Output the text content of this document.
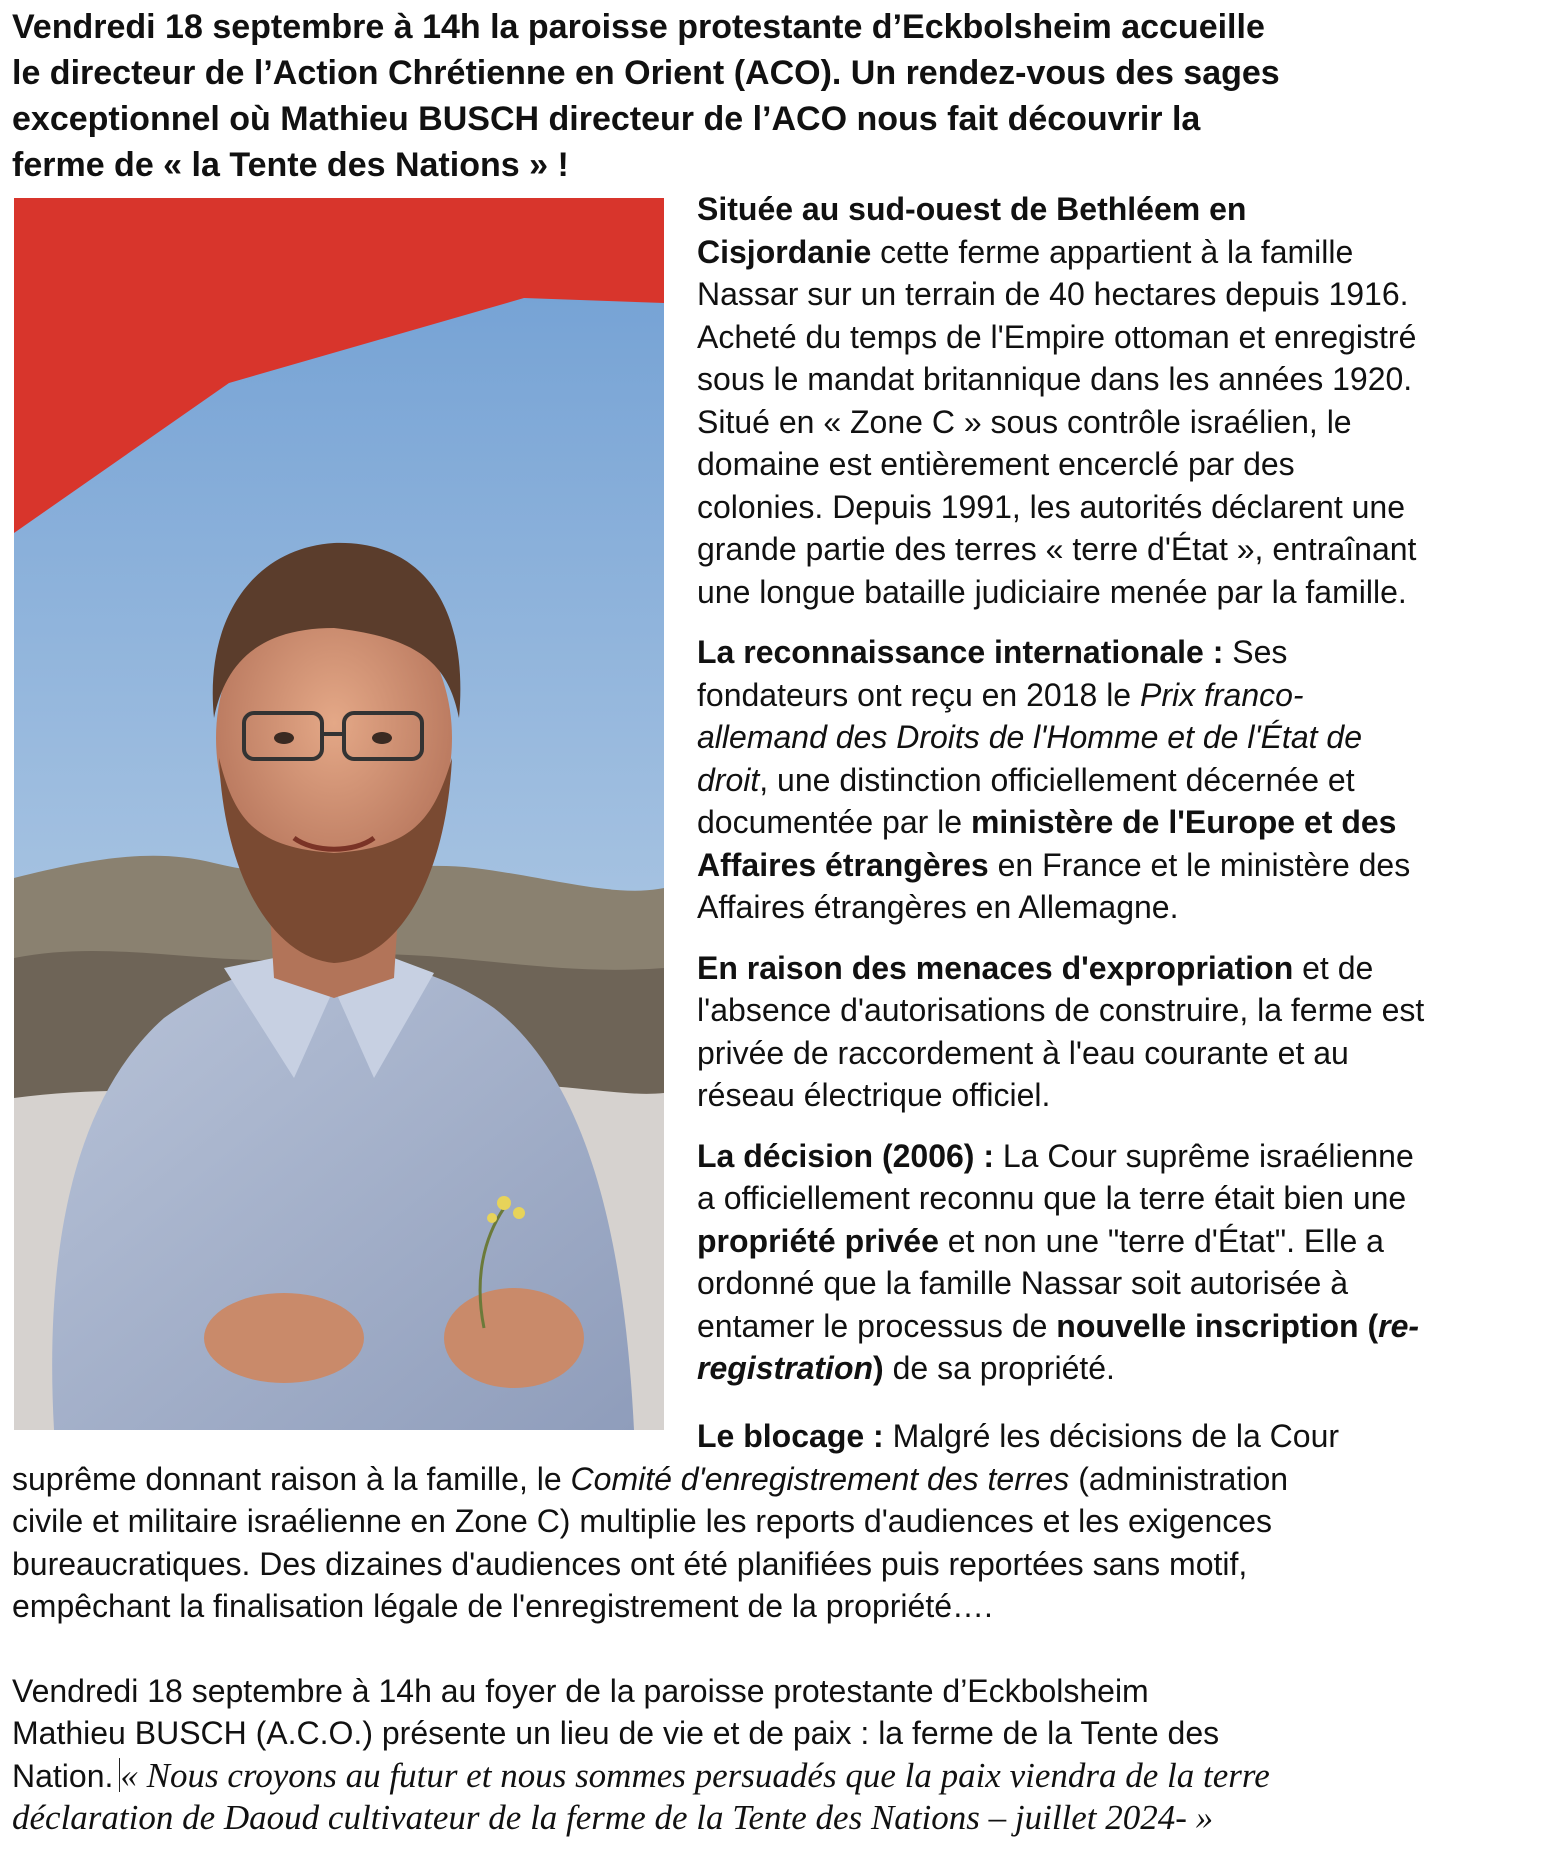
Vendredi 18 septembre à 14h la paroisse protestante d’Eckbolsheim accueille
le directeur de l’Action Chrétienne en Orient (ACO). Un rendez-vous des sages
exceptionnel où Mathieu BUSCH directeur de l’ACO nous fait découvrir la
ferme de « la Tente des Nations » !

Située au sud-ouest de Bethléem en
Cisjordanie cette ferme appartient à la famille
Nassar sur un terrain de 40 hectares depuis 1916.
Acheté du temps de l'Empire ottoman et enregistré
sous le mandat britannique dans les années 1920.
Situé en « Zone C » sous contrôle israélien, le
domaine est entièrement encerclé par des
colonies. Depuis 1991, les autorités déclarent une
grande partie des terres « terre d'État », entraînant
une longue bataille judiciaire menée par la famille.

La reconnaissance internationale : Ses
fondateurs ont reçu en 2018 le Prix franco-
allemand des Droits de l'Homme et de l'État de
droit, une distinction officiellement décernée et
documentée par le ministère de l'Europe et des
Affaires étrangères en France et le ministère des
Affaires étrangères en Allemagne.

En raison des menaces d'expropriation et de
l'absence d'autorisations de construire, la ferme est
privée de raccordement à l'eau courante et au
réseau électrique officiel.

La décision (2006) : La Cour suprême israélienne
a officiellement reconnu que la terre était bien une
propriété privée et non une "terre d'État". Elle a
ordonné que la famille Nassar soit autorisée à
entamer le processus de nouvelle inscription (re-
registration) de sa propriété.

Le blocage : Malgré les décisions de la Cour
suprême donnant raison à la famille, le Comité d'enregistrement des terres (administration
civile et militaire israélienne en Zone C) multiplie les reports d'audiences et les exigences
bureaucratiques. Des dizaines d'audiences ont été planifiées puis reportées sans motif,
empêchant la finalisation légale de l'enregistrement de la propriété….

Vendredi 18 septembre à 14h au foyer de la paroisse protestante d’Eckbolsheim
Mathieu BUSCH (A.C.O.) présente un lieu de vie et de paix : la ferme de la Tente des
Nation. « Nous croyons au futur et nous sommes persuadés que la paix viendra de la terre
déclaration de Daoud cultivateur de la ferme de la Tente des Nations – juillet 2024- »
